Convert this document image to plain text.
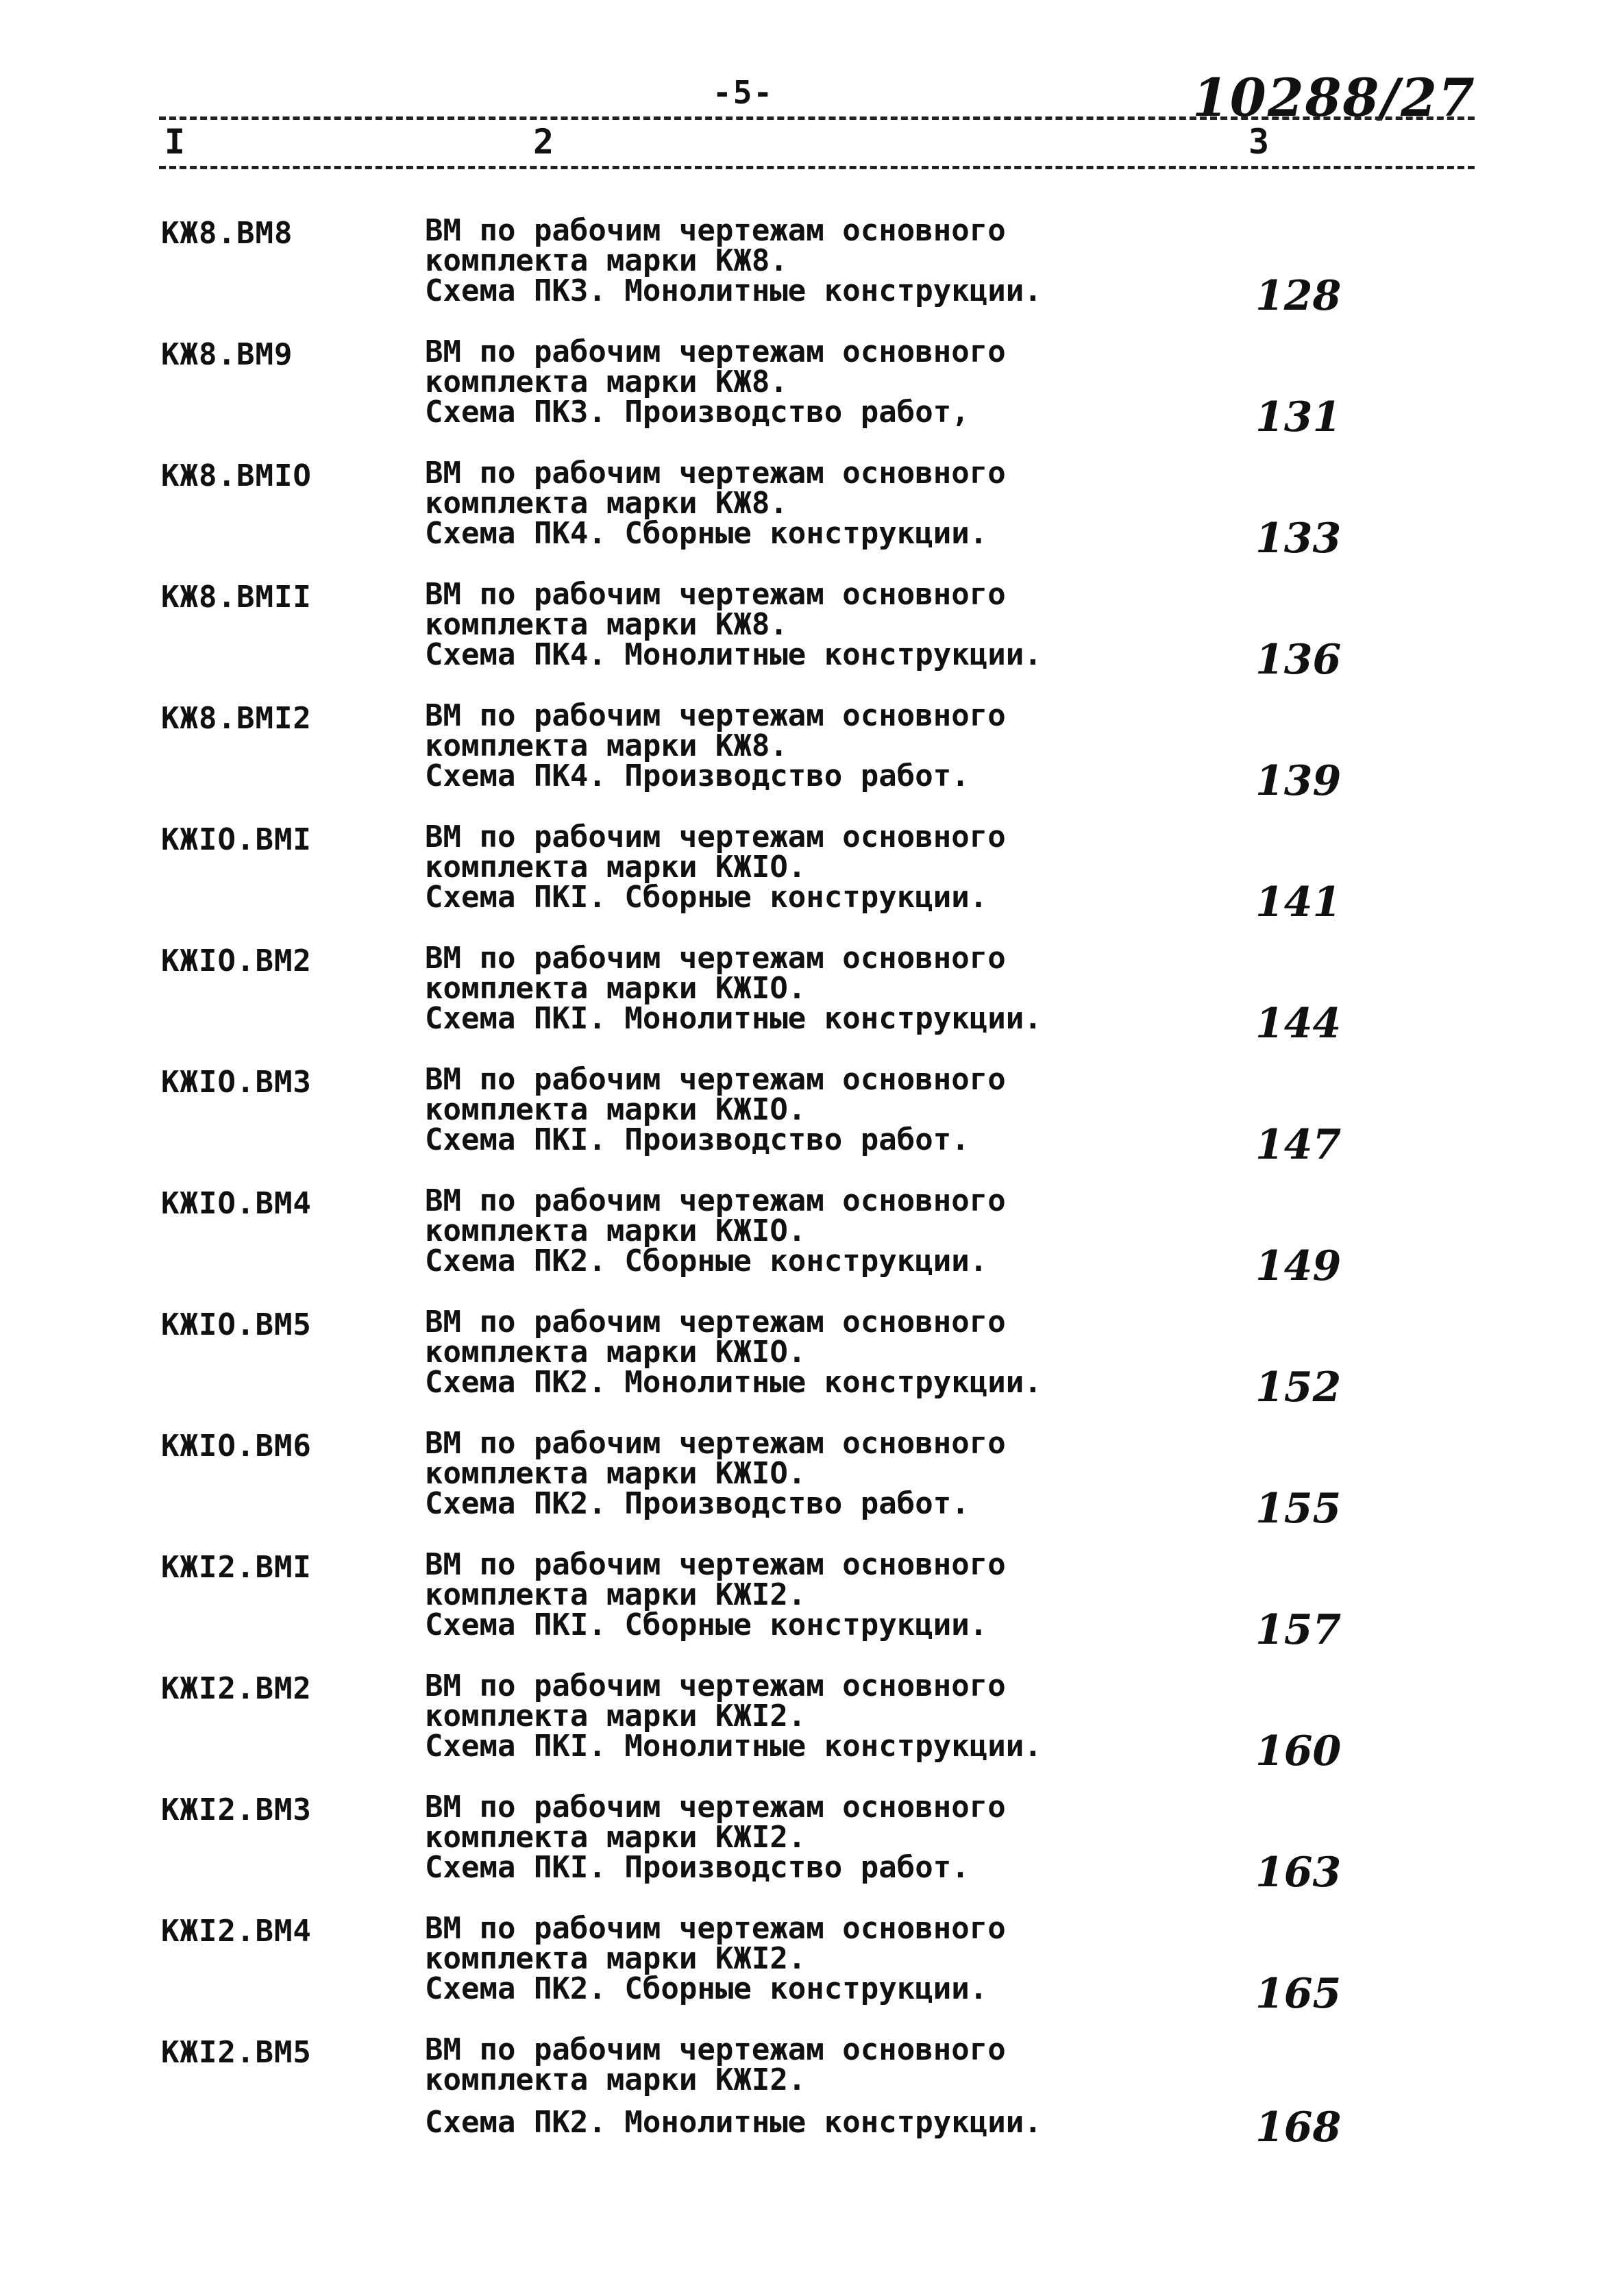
-5-	10288/27
I	2	3
КЖ8.ВМ8	ВМ по рабочим чертежам основного
комплекта марки КЖ8.
Схема ПК3. Монолитные конструкции.	128
КЖ8.ВМ9	ВМ по рабочим чертежам основного
комплекта марки КЖ8.
Схема ПК3. Производство работ,	131
КЖ8.ВМIO	ВМ по рабочим чертежам основного
комплекта марки КЖ8.
Схема ПК4. Сборные конструкции.	133
КЖ8.ВМII	ВМ по рабочим чертежам основного
комплекта марки КЖ8.
Схема ПК4. Монолитные конструкции.	136
КЖ8.ВМI2	ВМ по рабочим чертежам основного
комплекта марки КЖ8.
Схема ПК4. Производство работ.	139
КЖIO.ВМI	ВМ по рабочим чертежам основного
комплекта марки КЖIO.
Схема ПКI. Сборные конструкции.	141
КЖIO.ВМ2	ВМ по рабочим чертежам основного
комплекта марки КЖIO.
Схема ПКI. Монолитные конструкции.	144
КЖIO.ВМ3	ВМ по рабочим чертежам основного
комплекта марки КЖIO.
Схема ПКI. Производство работ.	147
КЖIO.ВМ4	ВМ по рабочим чертежам основного
комплекта марки КЖIO.
Схема ПК2. Сборные конструкции.	149
КЖIO.ВМ5	ВМ по рабочим чертежам основного
комплекта марки КЖIO.
Схема ПК2. Монолитные конструкции.	152
КЖIO.ВМ6	ВМ по рабочим чертежам основного
комплекта марки КЖIO.
Схема ПК2. Производство работ.	155
КЖI2.ВМI	ВМ по рабочим чертежам основного
комплекта марки КЖI2.
Схема ПКI. Сборные конструкции.	157
КЖI2.ВМ2	ВМ по рабочим чертежам основного
комплекта марки КЖI2.
Схема ПКI. Монолитные конструкции.	160
КЖI2.ВМ3	ВМ по рабочим чертежам основного
комплекта марки КЖI2.
Схема ПКI. Производство работ.	163
КЖI2.ВМ4	ВМ по рабочим чертежам основного
комплекта марки КЖI2.
Схема ПК2. Сборные конструкции.	165
КЖI2.ВМ5	ВМ по рабочим чертежам основного
комплекта марки КЖI2.
Схема ПК2. Монолитные конструкции.	168
